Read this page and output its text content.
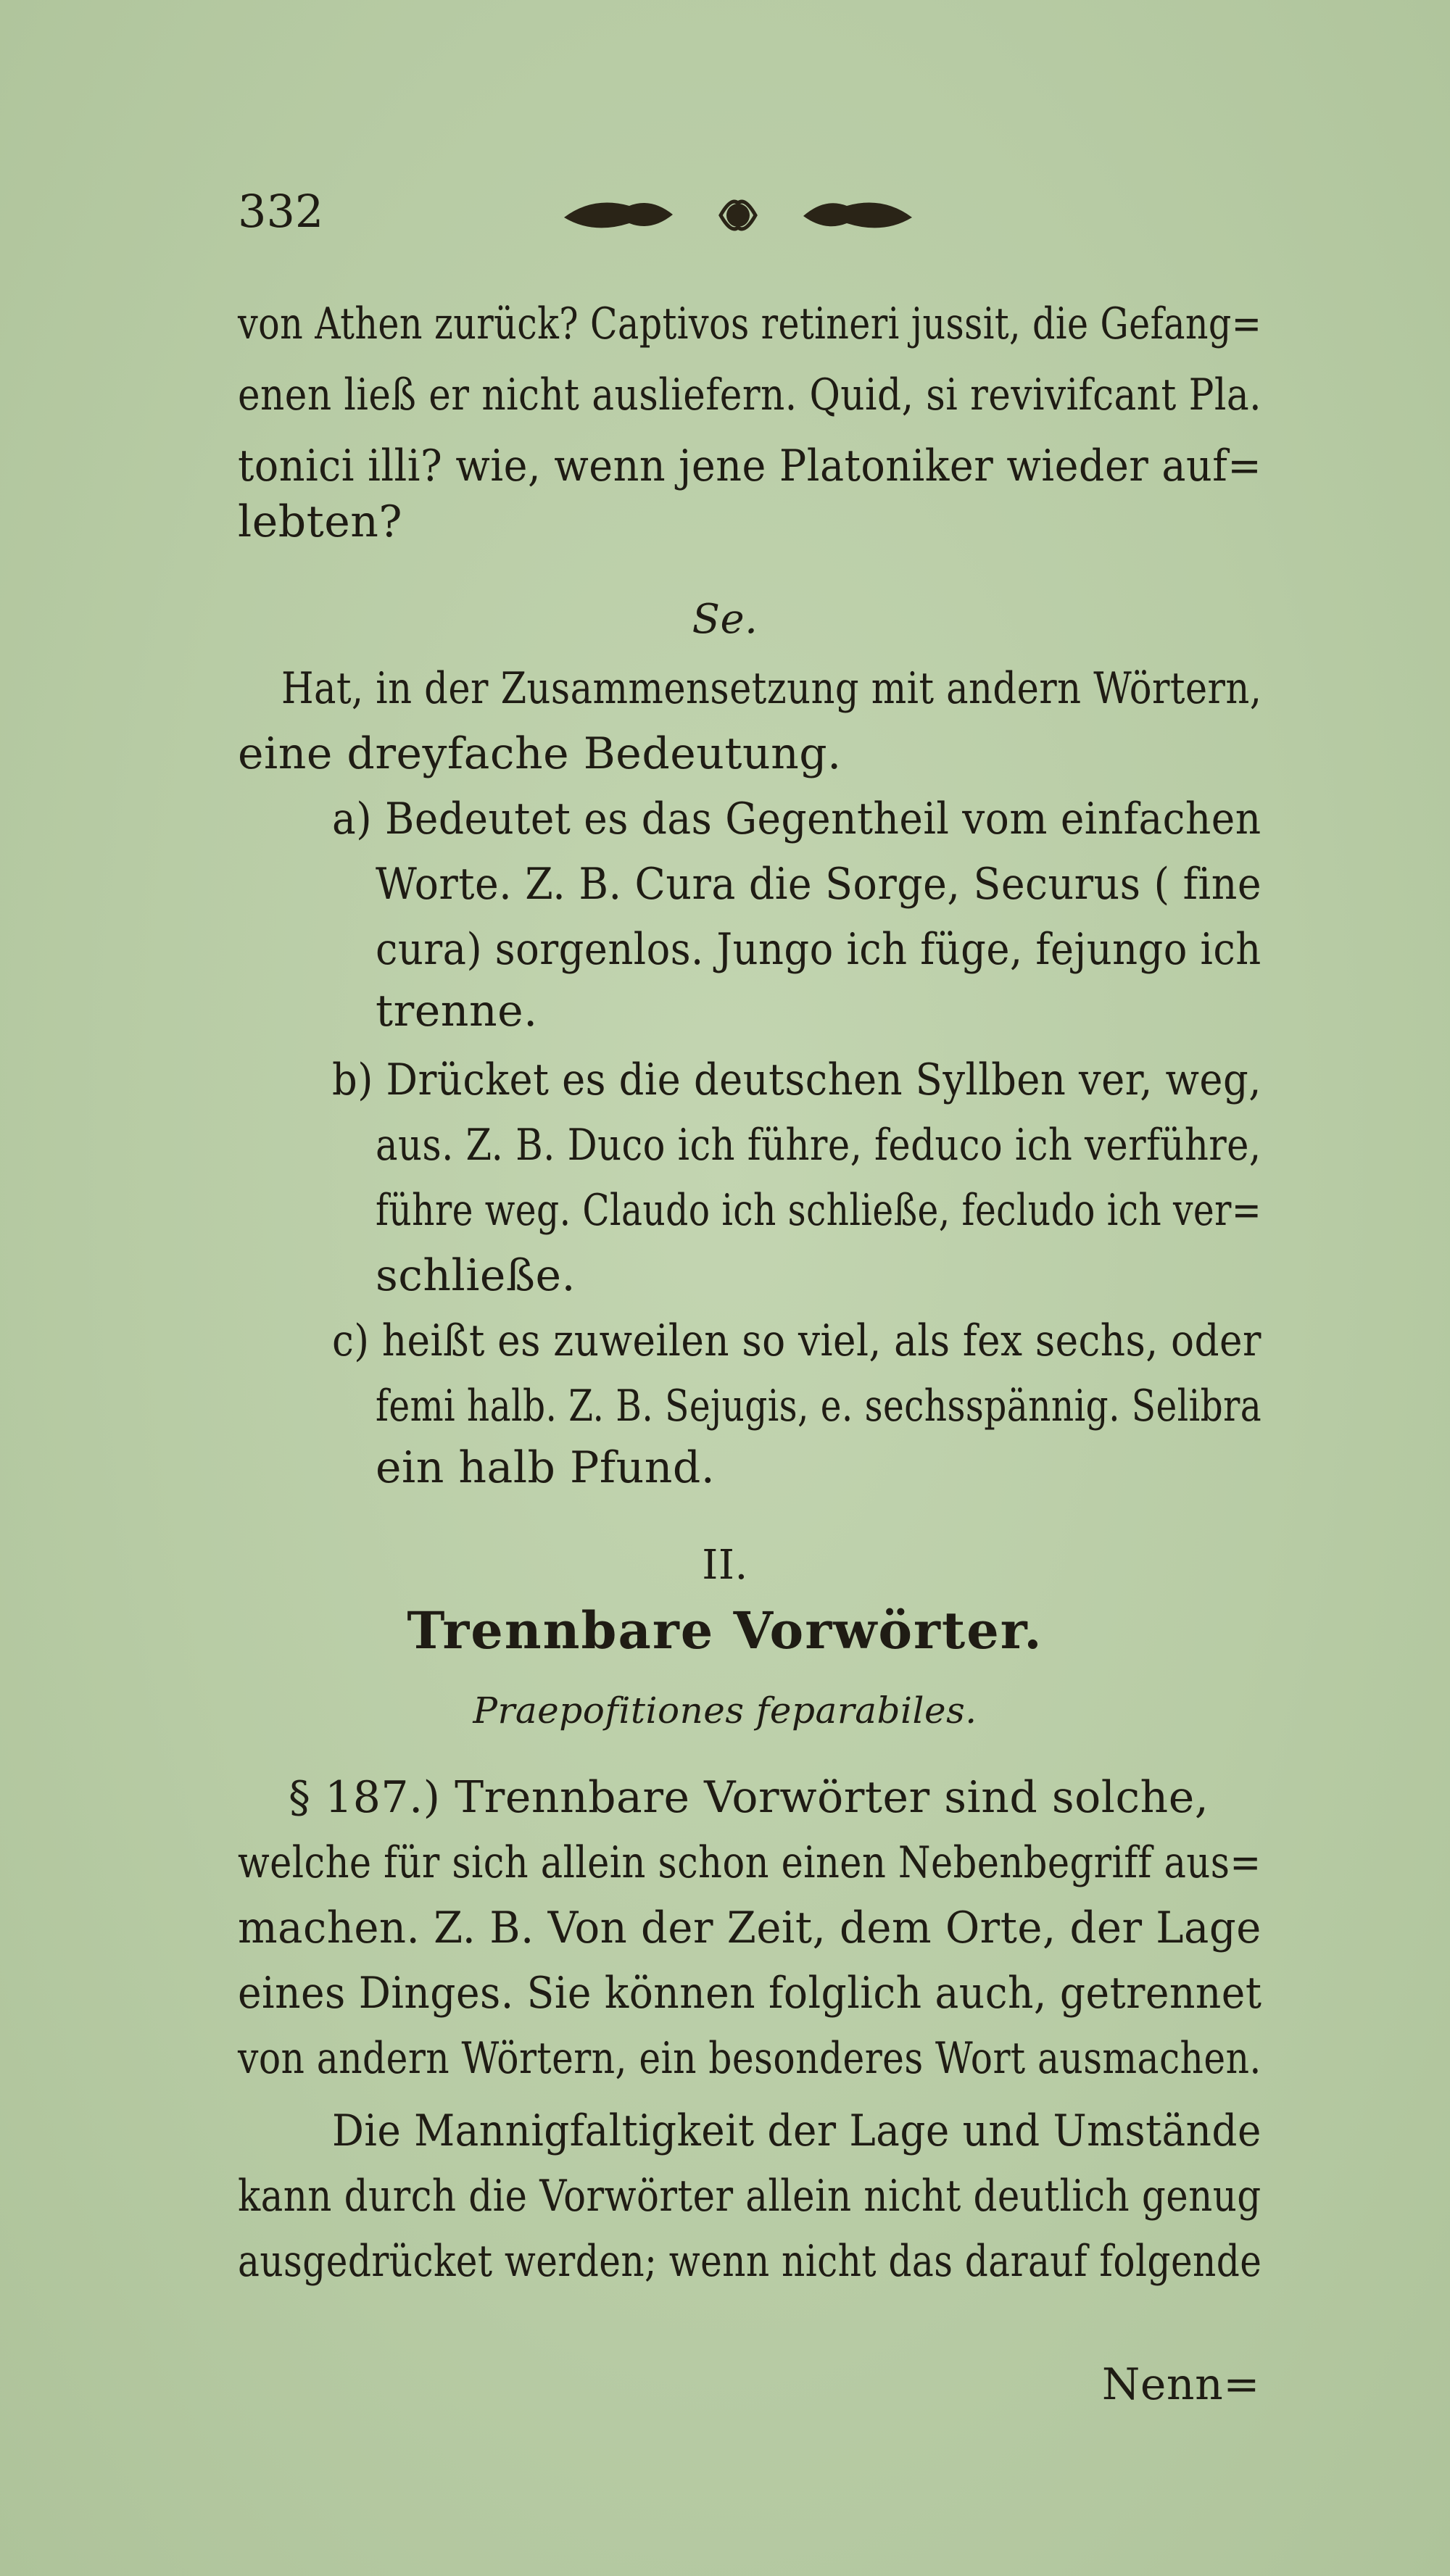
332
von Athen zurück? Captivos retineri jussit, die Gefang=
enen ließ er nicht ausliefern. Quid, si revivifcant Pla.
tonici illi? wie, wenn jene Platoniker wieder auf=
lebten?
Se.
Hat, in der Zusammensetzung mit andern Wörtern,
eine dreyfache Bedeutung.
a) Bedeutet es das Gegentheil vom einfachen
Worte. Z. B. Cura die Sorge, Securus ( fine
cura) sorgenlos. Jungo ich füge, fejungo ich
trenne.
b) Drücket es die deutschen Syllben ver, weg,
aus. Z. B. Duco ich führe, feduco ich verführe,
führe weg. Claudo ich schließe, fecludo ich ver=
schließe.
c) heißt es zuweilen so viel, als fex sechs, oder
femi halb. Z. B. Sejugis, e. sechsspännig. Selibra
ein halb Pfund.
II.
Trennbare Vorwörter.
Praepofitiones feparabiles.
§ 187.) Trennbare Vorwörter sind solche,
welche für sich allein schon einen Nebenbegriff aus=
machen. Z. B. Von der Zeit, dem Orte, der Lage
eines Dinges. Sie können folglich auch, getrennet
von andern Wörtern, ein besonderes Wort ausmachen.
Die Mannigfaltigkeit der Lage und Umstände
kann durch die Vorwörter allein nicht deutlich genug
ausgedrücket werden; wenn nicht das darauf folgende
Nenn=
